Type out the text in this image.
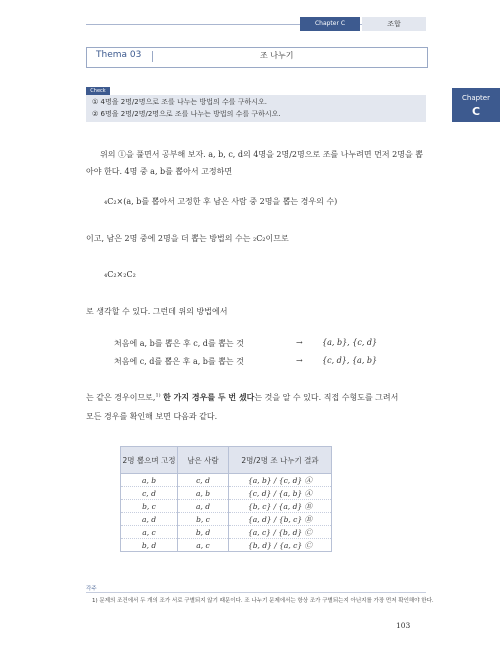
Chapter C	조합
Thema 03	조 나누기
Chapter
C
Check
① 4명을 2명/2명으로 조를 나누는 방법의 수를 구하시오.
② 6명을 2명/2명/2명으로 조를 나누는 방법의 수를 구하시오.
위의 ①을 풀면서 공부해 보자. a, b, c, d의 4명을 2명/2명으로 조를 나누려면 먼저 2명을 뽑
아야 한다. 4명 중 a, b를 뽑아서 고정하면
₄C₂×(a, b를 뽑아서 고정한 후 남은 사람 중 2명을 뽑는 경우의 수)
이고, 남은 2명 중에 2명을 더 뽑는 방법의 수는 ₂C₂이므로
₄C₂×₂C₂
로 생각할 수 있다. 그런데 위의 방법에서
처음에 a, b를 뽑은 후 c, d를 뽑는 것	→ {a, b}, {c, d}
처음에 c, d를 뽑은 후 a, b를 뽑는 것	→ {c, d}, {a, b}
는 같은 경우이므로,$^{1)}$ 한 가지 경우를 두 번 셌다는 것을 알 수 있다. 직접 수형도를 그려서
모든 경우를 확인해 보면 다음과 같다.
2명 뽑으며 고정	남은 사람	2명/2명 조 나누기 결과
a, b	c, d	{a, b} / {c, d} Ⓐ
c, d	a, b	{c, d} / {a, b} Ⓐ
b, c	a, d	{b, c} / {a, d} Ⓑ
a, d	b, c	{a, d} / {b, c} Ⓑ
a, c	b, d	{a, c} / {b, d} Ⓒ
b, d	a, c	{b, d} / {a, c} Ⓒ
각주
1) 문제의 조건에서 두 개의 조가 서로 구별되지 않기 때문이다. 조 나누기 문제에서는 항상 조가 구별되는지 아닌지를 가장 먼저 확인해야 한다.
103
